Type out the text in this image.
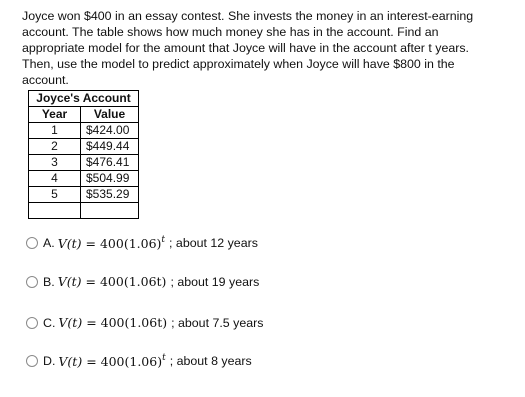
Joyce won $400 in an essay contest. She invests the money in an interest-earning account. The table shows how much money she has in the account. Find an appropriate model for the amount that Joyce will have in the account after t years. Then, use the model to predict approximately when Joyce will have $800 in the account.
Joyce's Account	
Year	Value
1	$424.00
2	$449.44
3	$476.41
4	$504.99
5	$535.29

A. $V(t) = 400(1.06)^t$ ; about 12 years
B. V(t) = 400(1.06t) ; about 19 years
C. V(t) = 400(1.06t) ; about 7.5 years
D. $V(t) = 400(1.06)^t$ ; about 8 years
